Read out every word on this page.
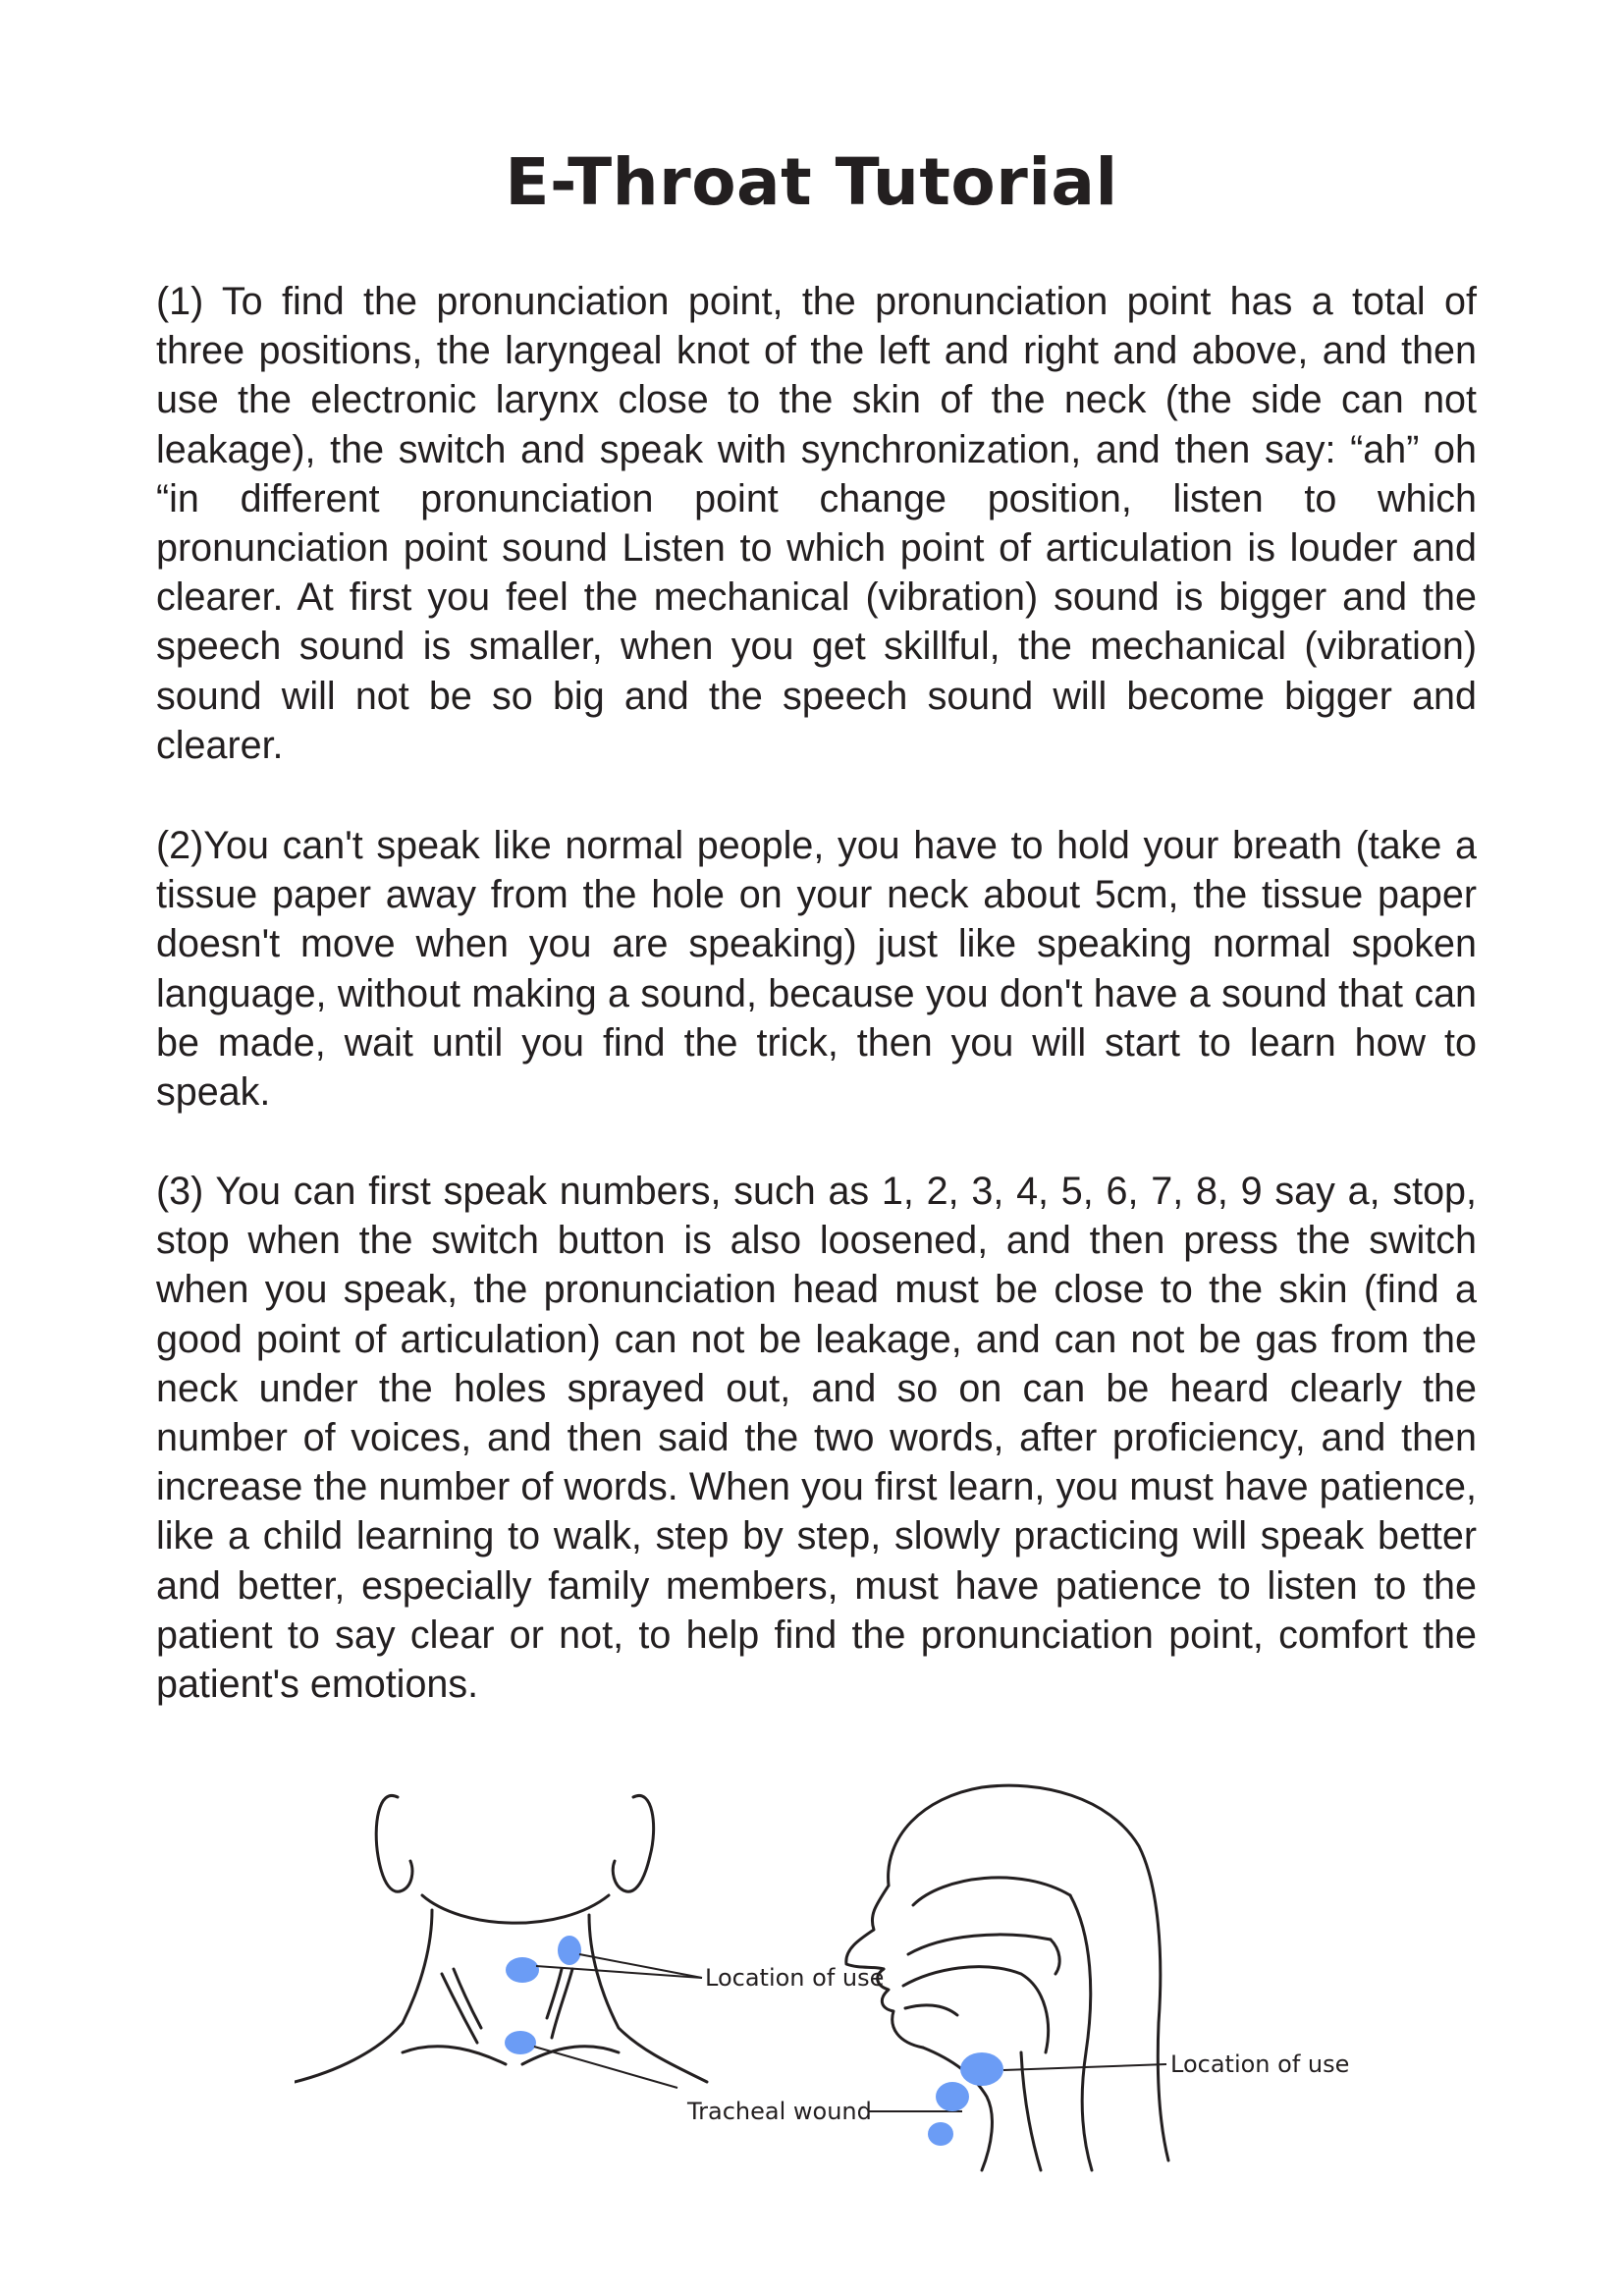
E-Throat Tutorial

(1) To find the pronunciation point, the pronunciation point has a total of three positions, the laryngeal knot of the left and right and above, and then use the electronic larynx close to the skin of the neck (the side can not leakage), the switch and speak with synchronization, and then say: “ah” oh “in different pronunciation point change position, listen to which pronunciation point sound Listen to which point of articulation is louder and clearer. At first you feel the mechanical (vibration) sound is bigger and the speech sound is smaller, when you get skillful, the mechanical (vibration) sound will not be so big and the speech sound will become bigger and clearer.

(2)You can't speak like normal people, you have to hold your breath (take a tissue paper away from the hole on your neck about 5cm, the tissue paper doesn't move when you are speaking) just like speaking normal spoken language, without making a sound, because you don't have a sound that can be made, wait until you find the trick, then you will start to learn how to speak.

(3) You can first speak numbers, such as 1, 2, 3, 4, 5, 6, 7, 8, 9 say a, stop, stop when the switch button is also loosened, and then press the switch when you speak, the pronunciation head must be close to the skin (find a good point of articulation) can not be leakage, and can not be gas from the neck under the holes sprayed out, and so on can be heard clearly the number of voices, and then said the two words, after proficiency, and then increase the number of words. When you first learn, you must have patience, like a child learning to walk, step by step, slowly practicing will speak better and better, especially family members, must have patience to listen to the patient to say clear or not, to help find the pronunciation point, comfort the patient's emotions.

Location of use
Tracheal wound
Location of use
